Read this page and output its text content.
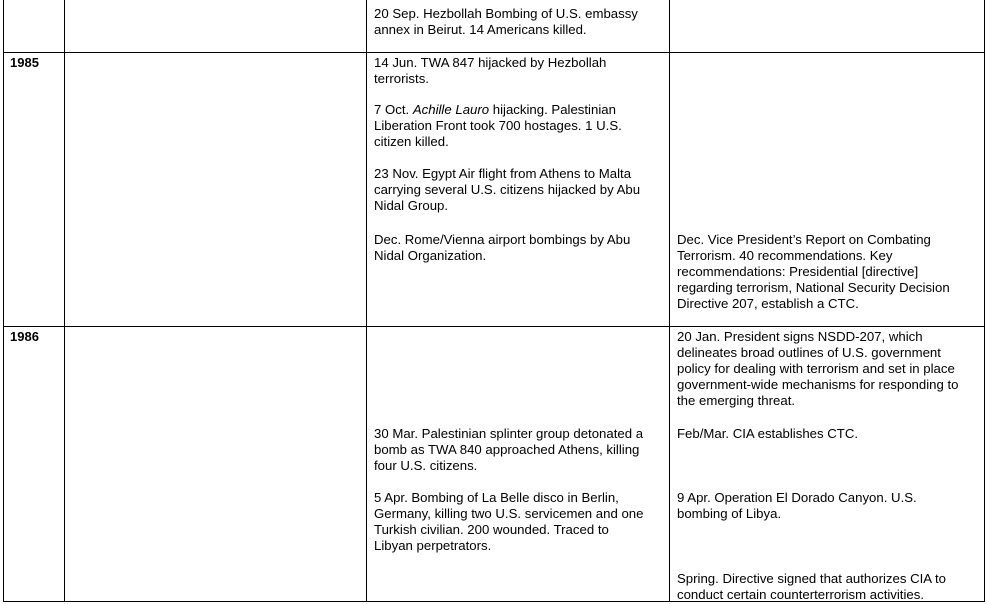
20 Sep. Hezbollah Bombing of U.S. embassy
annex in Beirut. 14 Americans killed.
1985	14 Jun. TWA 847 hijacked by Hezbollah
terrorists.
7 Oct. Achille Lauro hijacking. Palestinian
Liberation Front took 700 hostages. 1 U.S.
citizen killed.
23 Nov. Egypt Air flight from Athens to Malta
carrying several U.S. citizens hijacked by Abu
Nidal Group.
Dec. Rome/Vienna airport bombings by Abu
Nidal Organization.
Dec. Vice President’s Report on Combating
Terrorism. 40 recommendations. Key
recommendations: Presidential [directive]
regarding terrorism, National Security Decision
Directive 207, establish a CTC.
1986	20 Jan. President signs NSDD-207, which
delineates broad outlines of U.S. government
policy for dealing with terrorism and set in place
government-wide mechanisms for responding to
the emerging threat.
30 Mar. Palestinian splinter group detonated a
bomb as TWA 840 approached Athens, killing
four U.S. citizens.
Feb/Mar. CIA establishes CTC.
5 Apr. Bombing of La Belle disco in Berlin,
Germany, killing two U.S. servicemen and one
Turkish civilian. 200 wounded. Traced to
Libyan perpetrators.
9 Apr. Operation El Dorado Canyon. U.S.
bombing of Libya.
Spring. Directive signed that authorizes CIA to
conduct certain counterterrorism activities.
